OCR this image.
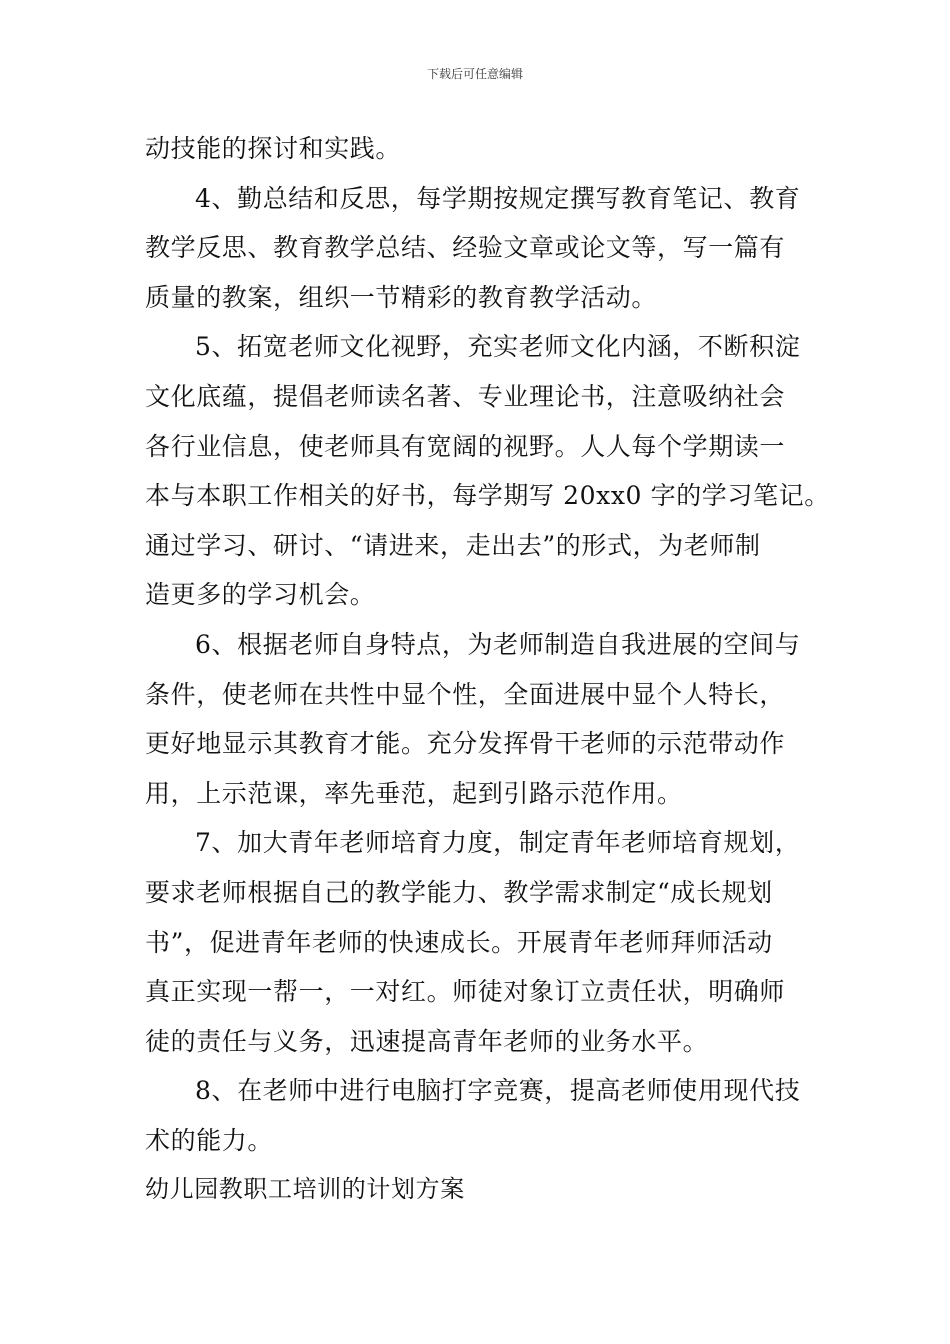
下载后可任意编辑
动技能的探讨和实践。
4、勤总结和反思，每学期按规定撰写教育笔记、教育
教学反思、教育教学总结、经验文章或论文等，写一篇有
质量的教案，组织一节精彩的教育教学活动。
5、拓宽老师文化视野，充实老师文化内涵，不断积淀
文化底蕴，提倡老师读名著、专业理论书，注意吸纳社会
各行业信息，使老师具有宽阔的视野。人人每个学期读一
本与本职工作相关的好书，每学期写 20xx0 字的学习笔记。
通过学习、研讨、“请进来，走出去”的形式，为老师制
造更多的学习机会。
6、根据老师自身特点，为老师制造自我进展的空间与
条件，使老师在共性中显个性，全面进展中显个人特长，
更好地显示其教育才能。充分发挥骨干老师的示范带动作
用，上示范课，率先垂范，起到引路示范作用。
7、加大青年老师培育力度，制定青年老师培育规划，
要求老师根据自己的教学能力、教学需求制定“成长规划
书”，促进青年老师的快速成长。开展青年老师拜师活动
真正实现一帮一，一对红。师徒对象订立责任状，明确师
徒的责任与义务，迅速提高青年老师的业务水平。
8、在老师中进行电脑打字竞赛，提高老师使用现代技
术的能力。
幼儿园教职工培训的计划方案
